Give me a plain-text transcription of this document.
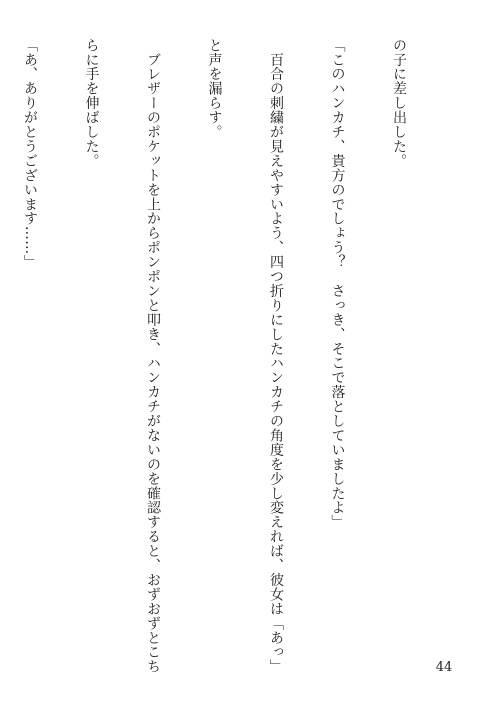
の子に差し出した。

「このハンカチ、貴方のでしょう？　さっき、そこで落としていましたよ」

　百合の刺繍が見えやすいよう、四つ折りにしたハンカチの角度を少し変えれば、彼女は「あっ」

と声を漏らす。

　ブレザーのポケットを上からポンポンと叩き、ハンカチがないのを確認すると、おずおずとこち

らに手を伸ばした。

「あ、ありがとうございます……」

44
